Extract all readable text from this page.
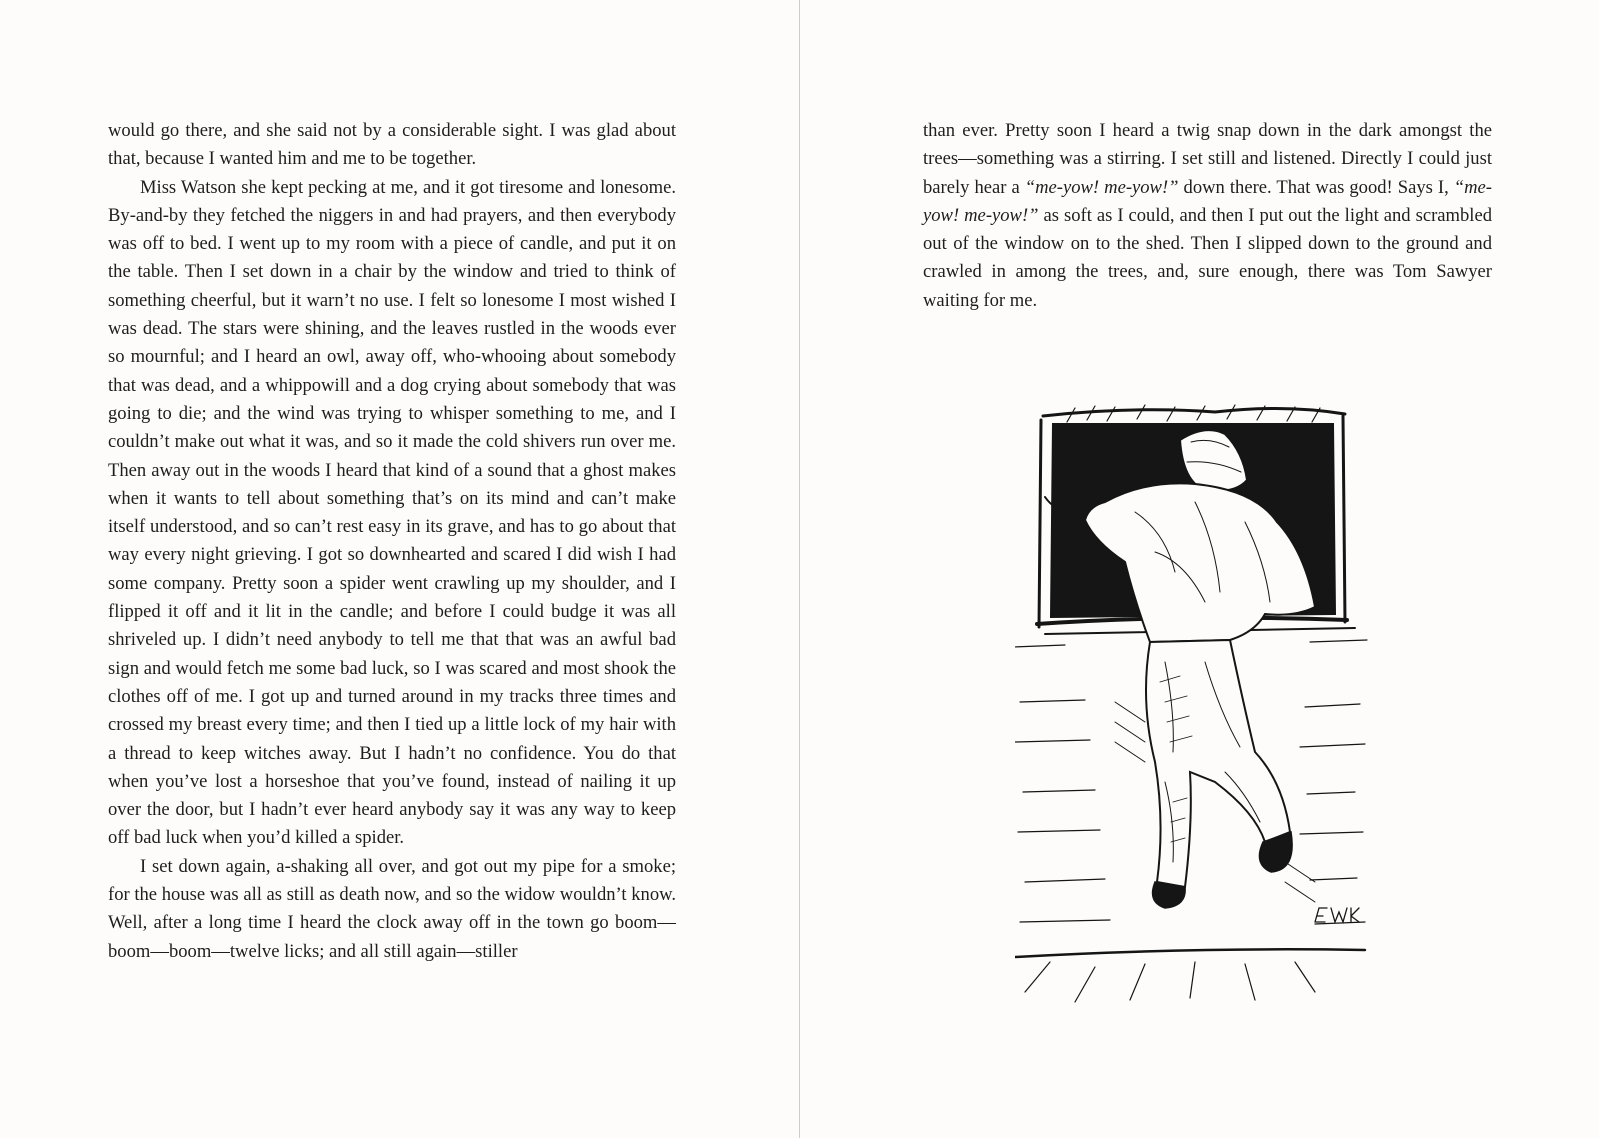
would go there, and she said not by a considerable sight. I was glad about that, because I wanted him and me to be together.

Miss Watson she kept pecking at me, and it got tiresome and lonesome. By-and-by they fetched the niggers in and had prayers, and then everybody was off to bed. I went up to my room with a piece of candle, and put it on the table. Then I set down in a chair by the window and tried to think of something cheerful, but it warn’t no use. I felt so lonesome I most wished I was dead. The stars were shining, and the leaves rustled in the woods ever so mournful; and I heard an owl, away off, who-whooing about somebody that was dead, and a whippowill and a dog crying about somebody that was going to die; and the wind was trying to whisper something to me, and I couldn’t make out what it was, and so it made the cold shivers run over me. Then away out in the woods I heard that kind of a sound that a ghost makes when it wants to tell about something that’s on its mind and can’t make itself understood, and so can’t rest easy in its grave, and has to go about that way every night grieving. I got so downhearted and scared I did wish I had some company. Pretty soon a spider went crawling up my shoulder, and I flipped it off and it lit in the candle; and before I could budge it was all shriveled up. I didn’t need anybody to tell me that that was an awful bad sign and would fetch me some bad luck, so I was scared and most shook the clothes off of me. I got up and turned around in my tracks three times and crossed my breast every time; and then I tied up a little lock of my hair with a thread to keep witches away. But I hadn’t no confidence. You do that when you’ve lost a horseshoe that you’ve found, instead of nailing it up over the door, but I hadn’t ever heard anybody say it was any way to keep off bad luck when you’d killed a spider.

I set down again, a-shaking all over, and got out my pipe for a smoke; for the house was all as still as death now, and so the widow wouldn’t know. Well, after a long time I heard the clock away off in the town go boom—boom—boom—twelve licks; and all still again—stiller

than ever. Pretty soon I heard a twig snap down in the dark amongst the trees—something was a stirring. I set still and listened. Directly I could just barely hear a “me-yow! me-yow!” down there. That was good! Says I, “me-yow! me-yow!” as soft as I could, and then I put out the light and scrambled out of the window on to the shed. Then I slipped down to the ground and crawled in among the trees, and, sure enough, there was Tom Sawyer waiting for me.
